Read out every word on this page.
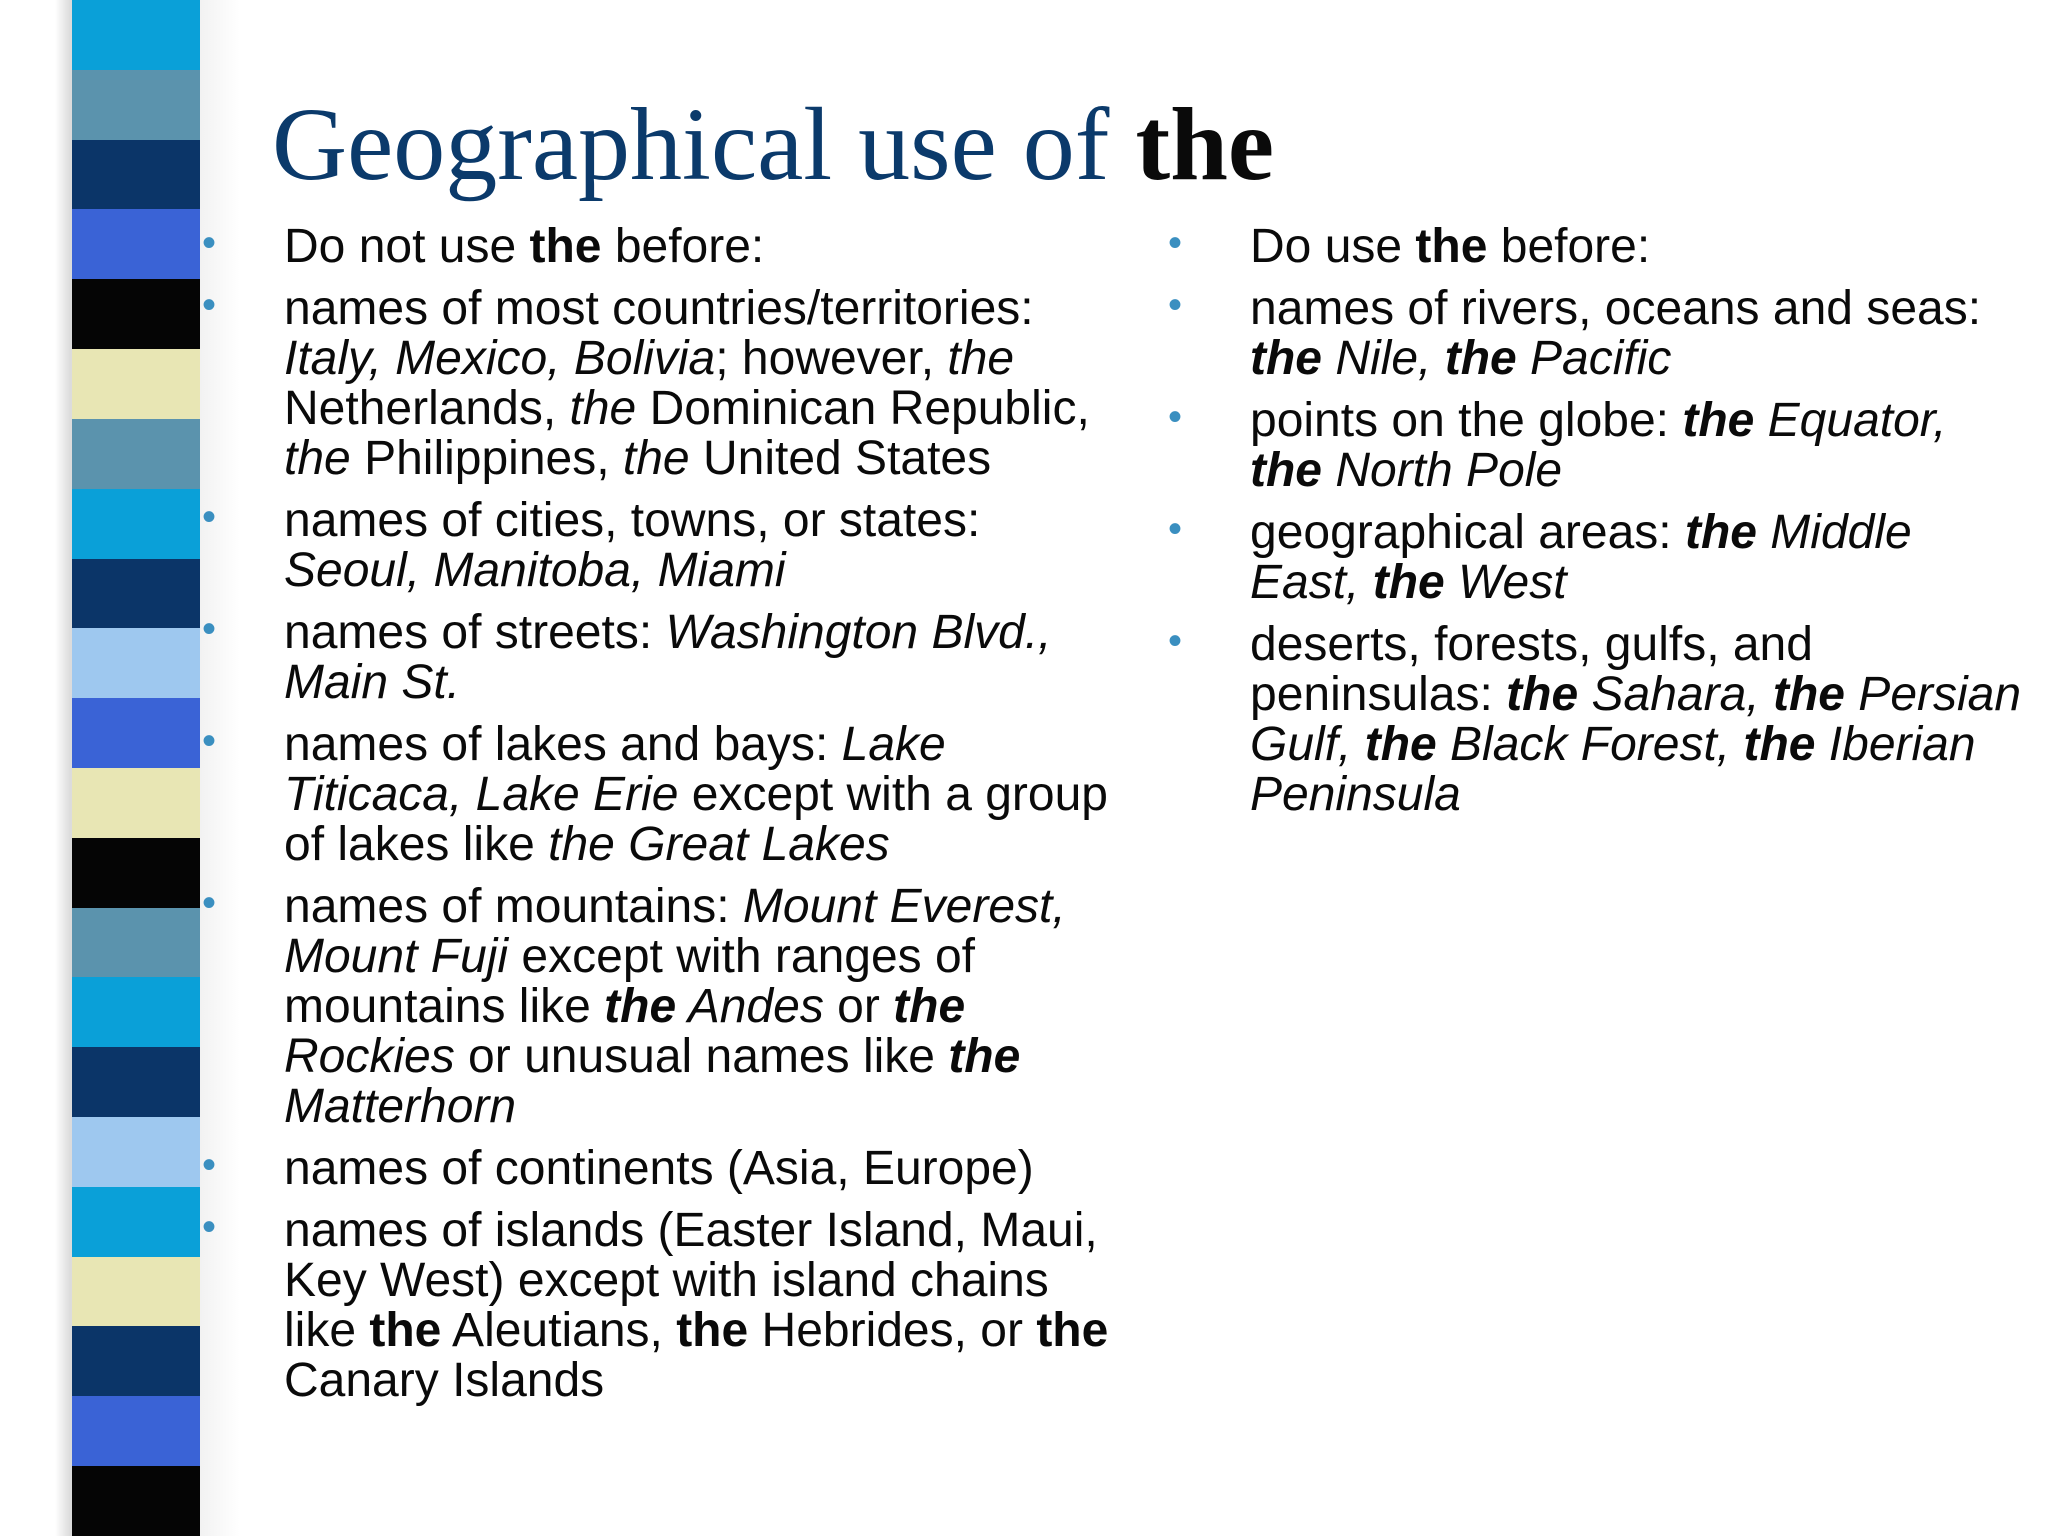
Geographical use of the
• Do not use the before:
• names of most countries/territories: Italy, Mexico, Bolivia; however, the Netherlands, the Dominican Republic, the Philippines, the United States
• names of cities, towns, or states: Seoul, Manitoba, Miami
• names of streets: Washington Blvd., Main St.
• names of lakes and bays: Lake Titicaca, Lake Erie except with a group of lakes like the Great Lakes
• names of mountains: Mount Everest, Mount Fuji except with ranges of mountains like the Andes or the Rockies or unusual names like the Matterhorn
• names of continents (Asia, Europe)
• names of islands (Easter Island, Maui, Key West) except with island chains like the Aleutians, the Hebrides, or the Canary Islands
• Do use the before:
• names of rivers, oceans and seas: the Nile, the Pacific
• points on the globe: the Equator, the North Pole
• geographical areas: the Middle East, the West
• deserts, forests, gulfs, and peninsulas: the Sahara, the Persian Gulf, the Black Forest, the Iberian Peninsula
